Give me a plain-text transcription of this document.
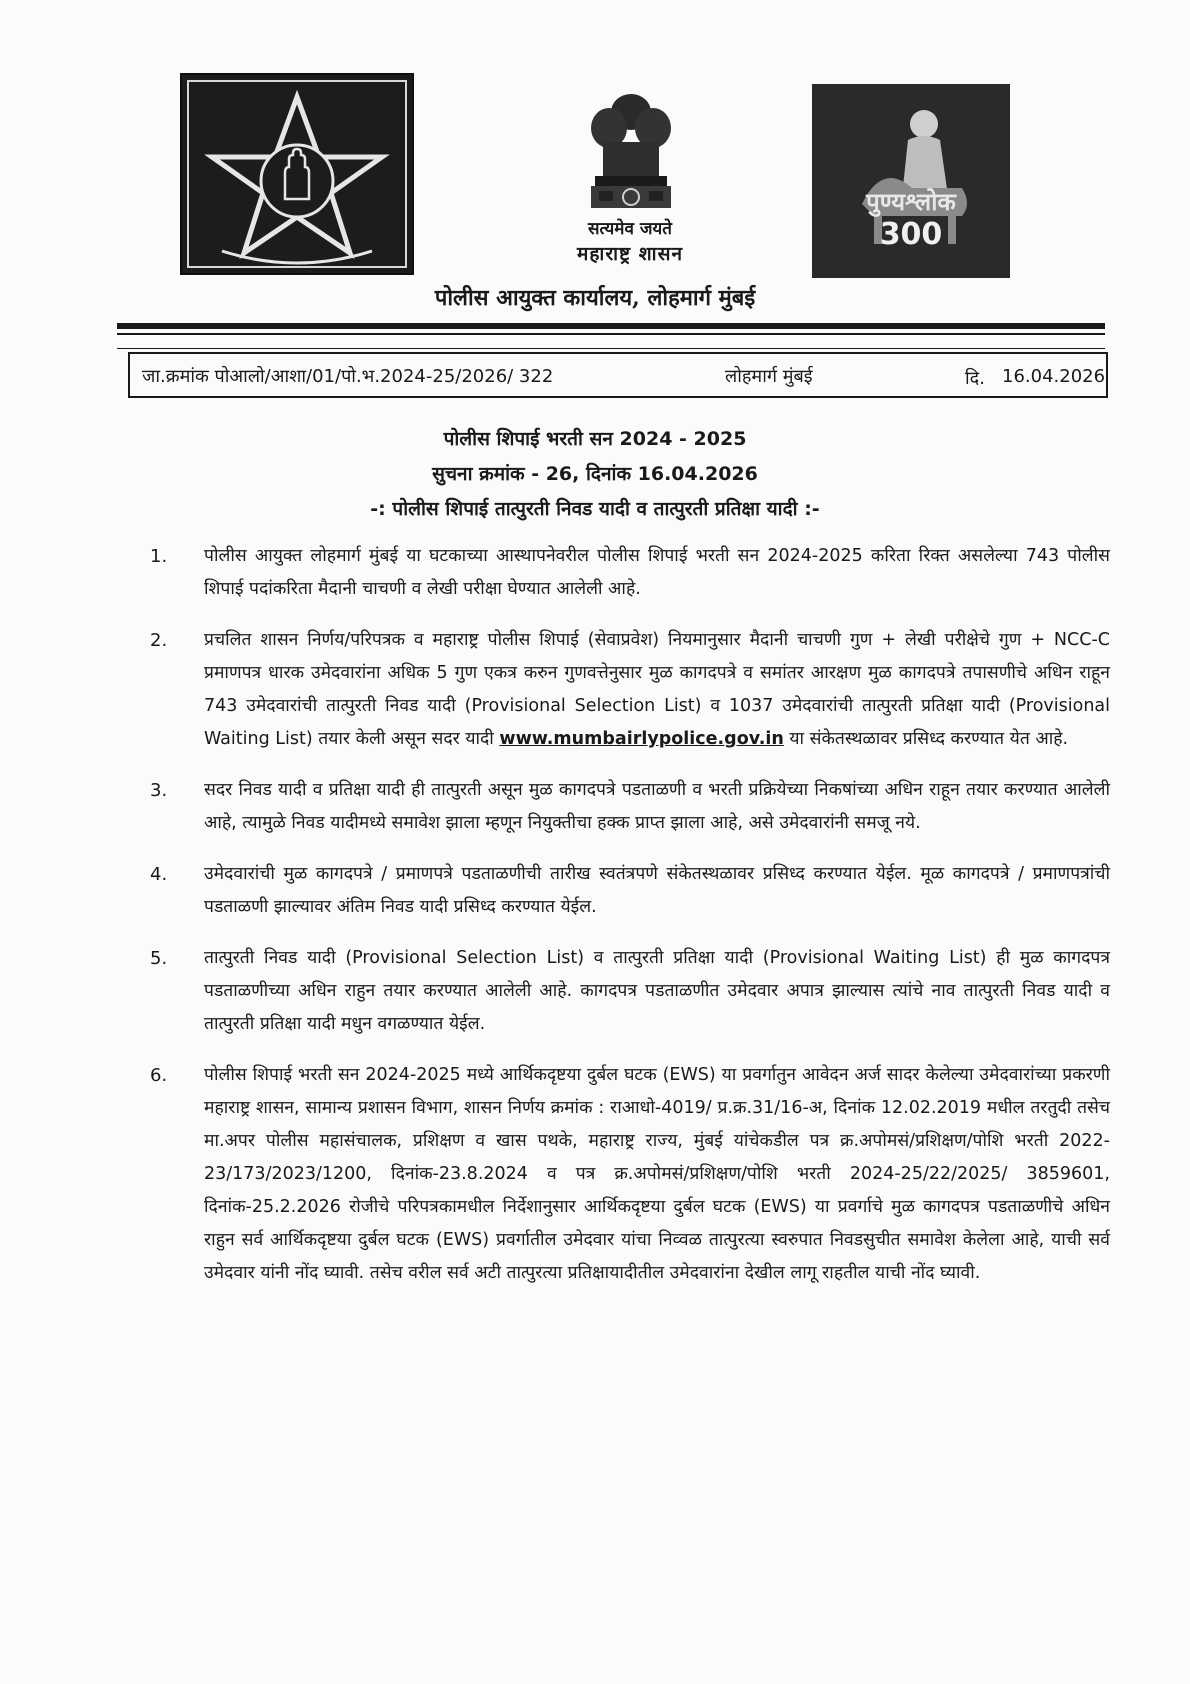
सत्यमेव जयते
महाराष्ट्र शासन
पुण्यश्लोक
300
पोलीस आयुक्त कार्यालय, लोहमार्ग मुंबई
जा.क्रमांक पोआलो/आशा/01/पो.भ.2024-25/2026/ 322	लोहमार्ग मुंबई	दि. 16.04.2026
पोलीस शिपाई भरती सन 2024 - 2025
सुचना क्रमांक - 26, दिनांक 16.04.2026
-: पोलीस शिपाई तात्पुरती निवड यादी व तात्पुरती प्रतिक्षा यादी :-
1.	पोलीस आयुक्त लोहमार्ग मुंबई या घटकाच्या आस्थापनेवरील पोलीस शिपाई भरती सन 2024-2025 करिता रिक्त असलेल्या 743 पोलीस शिपाई पदांकरिता मैदानी चाचणी व लेखी परीक्षा घेण्यात आलेली आहे.
2.	प्रचलित शासन निर्णय/परिपत्रक व महाराष्ट्र पोलीस शिपाई (सेवाप्रवेश) नियमानुसार मैदानी चाचणी गुण + लेखी परीक्षेचे गुण + NCC-C प्रमाणपत्र धारक उमेदवारांना अधिक 5 गुण एकत्र करुन गुणवत्तेनुसार मुळ कागदपत्रे व समांतर आरक्षण मुळ कागदपत्रे तपासणीचे अधिन राहून 743 उमेदवारांची तात्पुरती निवड यादी (Provisional Selection List) व 1037 उमेदवारांची तात्पुरती प्रतिक्षा यादी (Provisional Waiting List) तयार केली असून सदर यादी www.mumbairlypolice.gov.in या संकेतस्थळावर प्रसिध्द करण्यात येत आहे.
3.	सदर निवड यादी व प्रतिक्षा यादी ही तात्पुरती असून मुळ कागदपत्रे पडताळणी व भरती प्रक्रियेच्या निकषांच्या अधिन राहून तयार करण्यात आलेली आहे, त्यामुळे निवड यादीमध्ये समावेश झाला म्हणून नियुक्तीचा हक्क प्राप्त झाला आहे, असे उमेदवारांनी समजू नये.
4.	उमेदवारांची मुळ कागदपत्रे / प्रमाणपत्रे पडताळणीची तारीख स्वतंत्रपणे संकेतस्थळावर प्रसिध्द करण्यात येईल. मूळ कागदपत्रे / प्रमाणपत्रांची पडताळणी झाल्यावर अंतिम निवड यादी प्रसिध्द करण्यात येईल.
5.	तात्पुरती निवड यादी (Provisional Selection List) व तात्पुरती प्रतिक्षा यादी (Provisional Waiting List) ही मुळ कागदपत्र पडताळणीच्या अधिन राहुन तयार करण्यात आलेली आहे. कागदपत्र पडताळणीत उमेदवार अपात्र झाल्यास त्यांचे नाव तात्पुरती निवड यादी व तात्पुरती प्रतिक्षा यादी मधुन वगळण्यात येईल.
6.	पोलीस शिपाई भरती सन 2024-2025 मध्ये आर्थिकदृष्टया दुर्बल घटक (EWS) या प्रवर्गातुन आवेदन अर्ज सादर केलेल्या उमेदवारांच्या प्रकरणी महाराष्ट्र शासन, सामान्य प्रशासन विभाग, शासन निर्णय क्रमांक : राआधो-4019/ प्र.क्र.31/16-अ, दिनांक 12.02.2019 मधील तरतुदी तसेच मा.अपर पोलीस महासंचालक, प्रशिक्षण व खास पथके, महाराष्ट्र राज्य, मुंबई यांचेकडील पत्र क्र.अपोमसं/प्रशिक्षण/पोशि भरती 2022-23/173/2023/1200, दिनांक-23.8.2024 व पत्र क्र.अपोमसं/प्रशिक्षण/पोशि भरती 2024-25/22/2025/ 3859601, दिनांक-25.2.2026 रोजीचे परिपत्रकामधील निर्देशानुसार आर्थिकदृष्टया दुर्बल घटक (EWS) या प्रवर्गाचे मुळ कागदपत्र पडताळणीचे अधिन राहुन सर्व आर्थिकदृष्टया दुर्बल घटक (EWS) प्रवर्गातील उमेदवार यांचा निव्वळ तात्पुरत्या स्वरुपात निवडसुचीत समावेश केलेला आहे, याची सर्व उमेदवार यांनी नोंद घ्यावी. तसेच वरील सर्व अटी तात्पुरत्या प्रतिक्षायादीतील उमेदवारांना देखील लागू राहतील याची नोंद घ्यावी.
